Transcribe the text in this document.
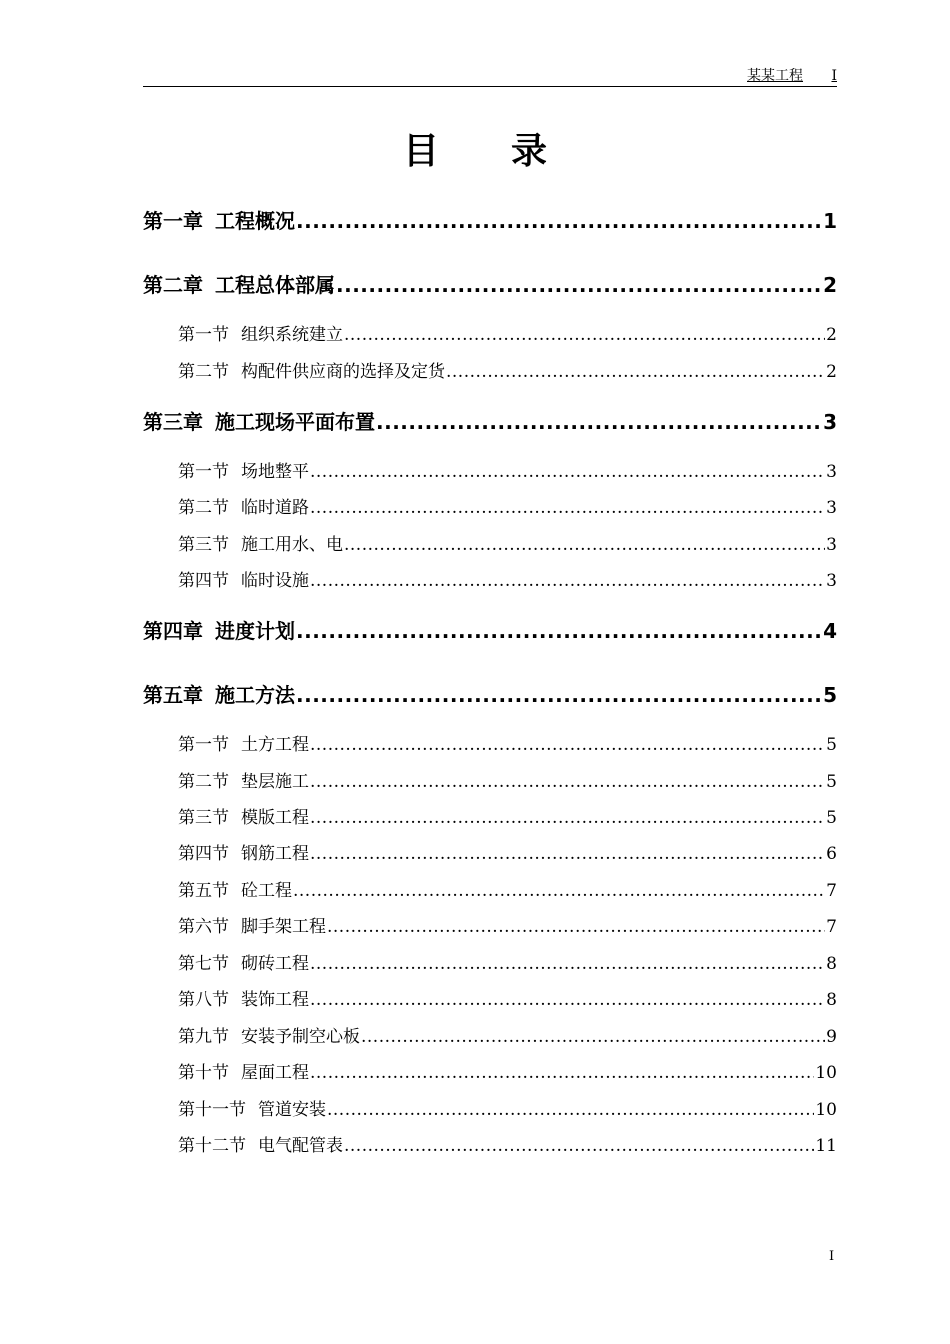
某某工程 I
目录
第一章 工程概况 .....	1
第二章 工程总体部属 .....	2
第一节 组织系统建立 .....	2
第二节 构配件供应商的选择及定货 .....	2
第三章 施工现场平面布置 .....	3
第一节 场地整平 .....	3
第二节 临时道路 .....	3
第三节 施工用水、电 .....	3
第四节 临时设施 .....	3
第四章 进度计划 .....	4
第五章 施工方法 .....	5
第一节 土方工程 .....	5
第二节 垫层施工 .....	5
第三节 模版工程 .....	5
第四节 钢筋工程 .....	6
第五节 砼工程 .....	7
第六节 脚手架工程 .....	7
第七节 砌砖工程 .....	8
第八节 装饰工程 .....	8
第九节 安装予制空心板 .....	9
第十节 屋面工程 .....	10
第十一节 管道安装 .....	10
第十二节 电气配管表 .....	11
I
